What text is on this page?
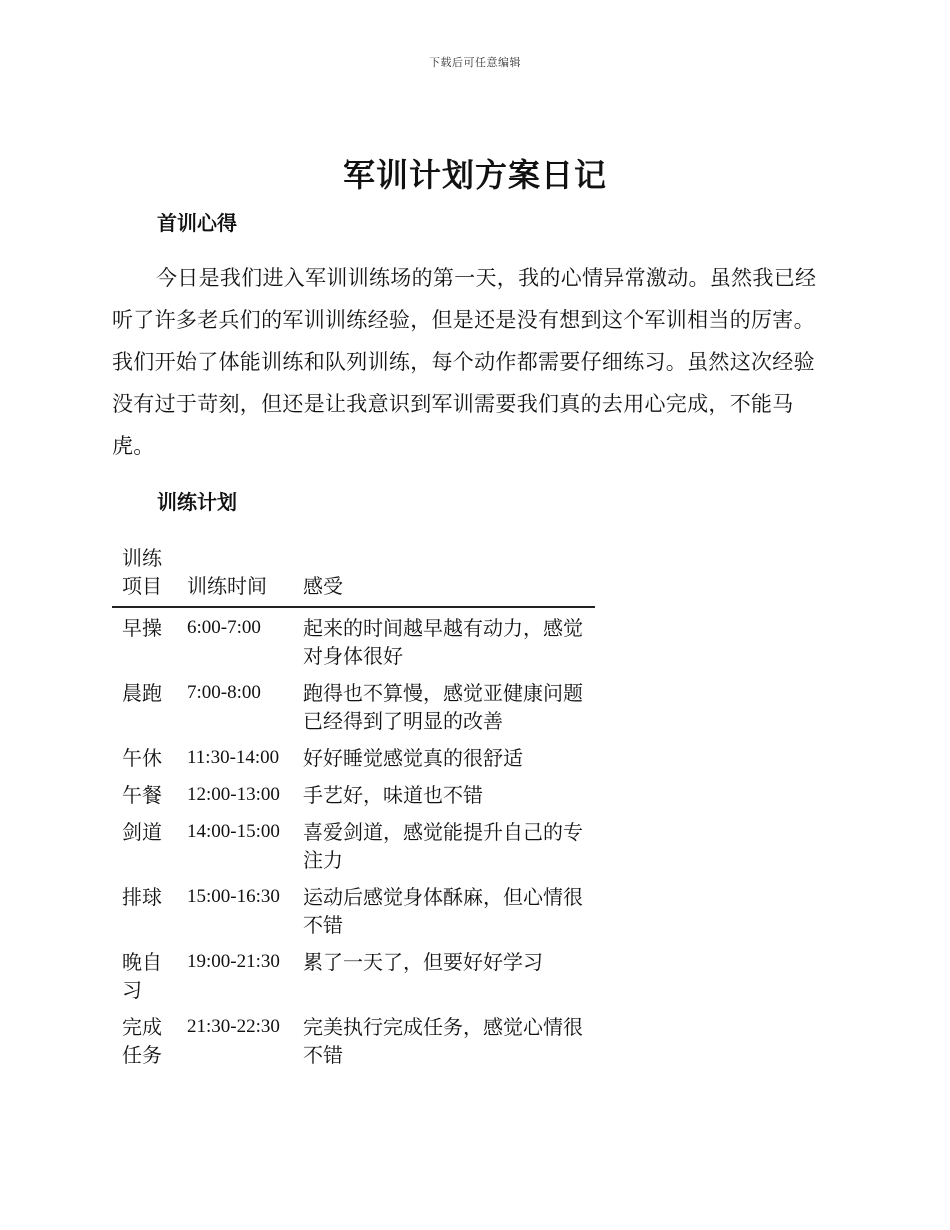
下载后可任意编辑
军训计划方案日记
首训心得

今日是我们进入军训训练场的第一天，我的心情异常激动。虽然我已经听了许多老兵们的军训训练经验，但是还是没有想到这个军训相当的厉害。我们开始了体能训练和队列训练，每个动作都需要仔细练习。虽然这次经验没有过于苛刻，但还是让我意识到军训需要我们真的去用心完成，不能马虎。

训练计划
训练项目	训练时间	感受
早操	6:00-7:00	起来的时间越早越有动力，感觉对身体很好
晨跑	7:00-8:00	跑得也不算慢，感觉亚健康问题已经得到了明显的改善
午休	11:30-14:00	好好睡觉感觉真的很舒适
午餐	12:00-13:00	手艺好，味道也不错
剑道	14:00-15:00	喜爱剑道，感觉能提升自己的专注力
排球	15:00-16:30	运动后感觉身体酥麻，但心情很不错
晚自习	19:00-21:30	累了一天了，但要好好学习
完成任务	21:30-22:30	完美执行完成任务，感觉心情很不错
